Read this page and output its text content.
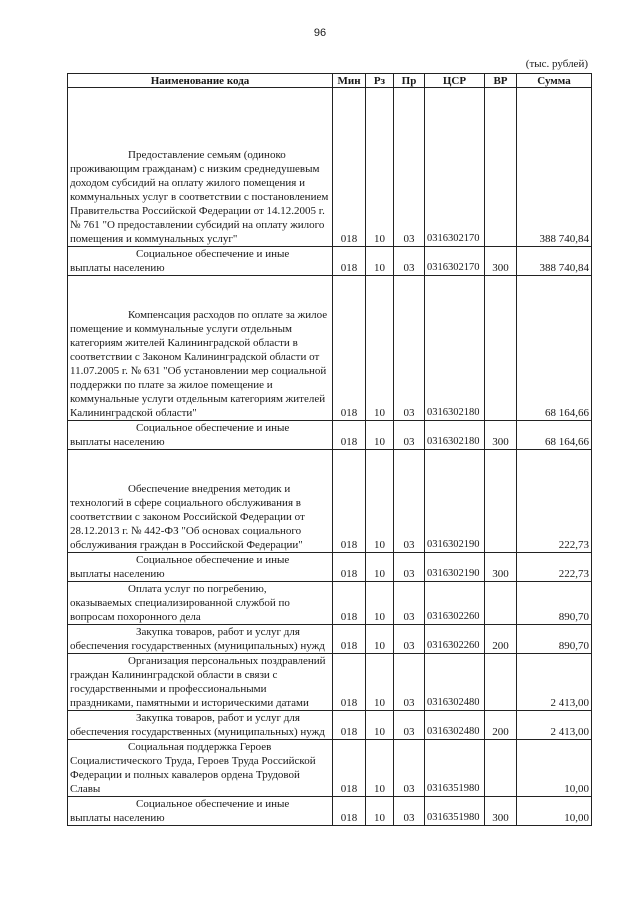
96
(тыс. рублей)
Наименование кода	Мин	Рз	Пр	ЦСР	ВР	Сумма

Предоставление семьям (одиноко проживающим гражданам) с низким среднедушевым доходом субсидий на оплату жилого помещения и коммунальных услуг в соответствии с постановлением Правительства Российской Федерации от 14.12.2005 г. № 761 "О предоставлении субсидий на оплату жилого помещения и коммунальных услуг"	018	10	03	0316302170		388 740,84

Социальное обеспечение и иные выплаты населению	018	10	03	0316302170	300	388 740,84

Компенсация расходов по оплате за жилое помещение и коммунальные услуги отдельным категориям жителей Калининградской области в соответствии с Законом Калининградской области от 11.07.2005 г. № 631 "Об установлении мер социальной поддержки по плате за жилое помещение и коммунальные услуги отдельным категориям жителей Калининградской области"	018	10	03	0316302180		68 164,66

Социальное обеспечение и иные выплаты населению	018	10	03	0316302180	300	68 164,66

Обеспечение внедрения методик и технологий в сфере социального обслуживания в соответствии с законом Российской Федерации от 28.12.2013 г. № 442-ФЗ "Об основах социального обслуживания граждан в Российской Федерации"	018	10	03	0316302190		222,73

Социальное обеспечение и иные выплаты населению	018	10	03	0316302190	300	222,73

Оплата услуг по погребению, оказываемых специализированной службой по вопросам похоронного дела	018	10	03	0316302260		890,70

Закупка товаров, работ и услуг для обеспечения государственных (муниципальных) нужд	018	10	03	0316302260	200	890,70

Организация персональных поздравлений граждан Калининградской области в связи с государственными и профессиональными праздниками, памятными и историческими датами	018	10	03	0316302480		2 413,00

Закупка товаров, работ и услуг для обеспечения государственных (муниципальных) нужд	018	10	03	0316302480	200	2 413,00

Социальная поддержка Героев Социалистического Труда, Героев Труда Российской Федерации и полных кавалеров ордена Трудовой Славы	018	10	03	0316351980		10,00

Социальное обеспечение и иные выплаты населению	018	10	03	0316351980	300	10,00
